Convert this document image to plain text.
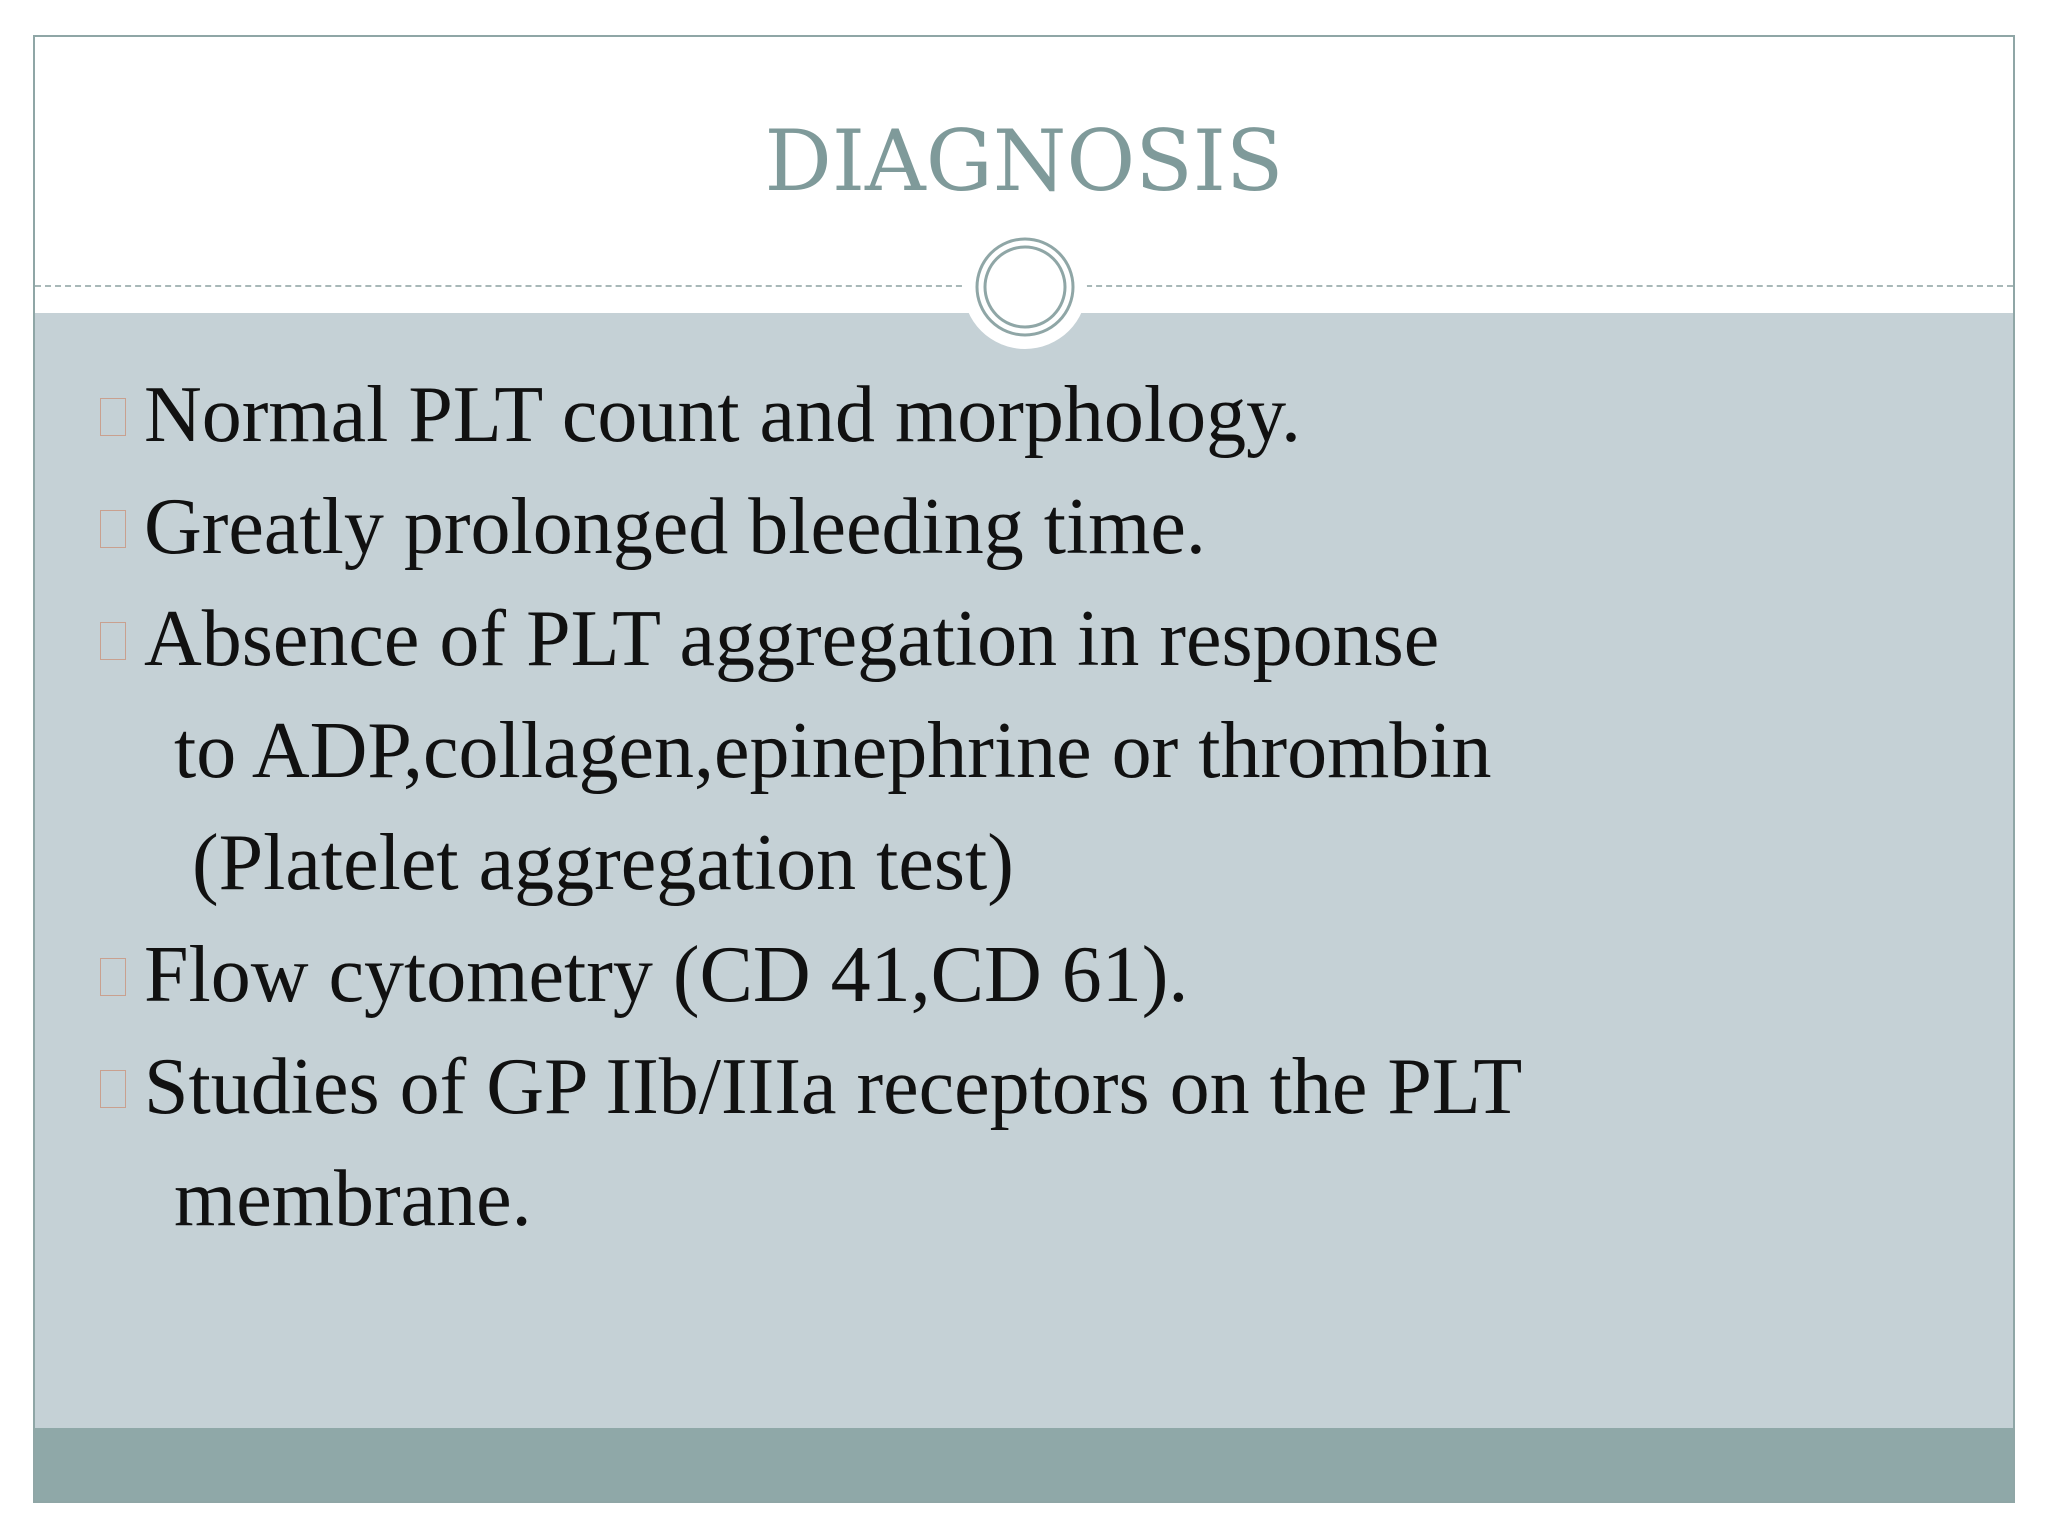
DIAGNOSIS
Normal PLT count and morphology.
Greatly prolonged bleeding time.
Absence of PLT aggregation in response
to ADP,collagen,epinephrine or thrombin
(Platelet aggregation test)
Flow cytometry (CD 41,CD 61).
Studies of GP IIb/IIIa receptors on the PLT
membrane.
